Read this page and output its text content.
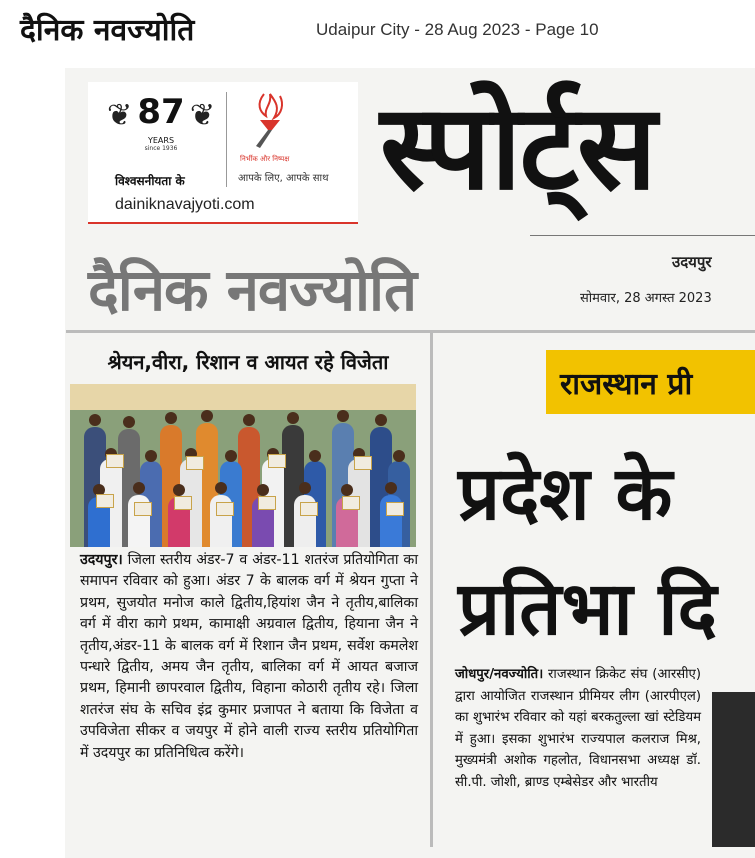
दैनिक नवज्योति	Udaipur City - 28 Aug 2023 - Page 10
❦ ❦
87
YEARS
since 1936
विश्वसनीयता के
निर्भीक और निष्पक्ष
आपके लिए, आपके साथ
dainiknavajyoti.com स्पोर्ट्स
उदयपुर
सोमवार, 28 अगस्त 2023
दैनिक नवज्योति
श्रेयन,वीरा, रिशान व आयत रहे विजेता
उदयपुर। जिला स्तरीय अंडर-7 व अंडर-11 शतरंज प्रतियोगिता का समापन रविवार को हुआ। अंडर 7 के बालक वर्ग में श्रेयन गुप्ता ने प्रथम, सुजयोत मनोज काले द्वितीय,हियांश जैन ने तृतीय,बालिका वर्ग में वीरा कागे प्रथम, कामाक्षी अग्रवाल द्वितीय, हियाना जैन ने तृतीय,अंडर-11 के बालक वर्ग में रिशान जैन प्रथम, सर्वेश कमलेश पन्धारे द्वितीय, अमय जैन तृतीय, बालिका वर्ग में आयत बजाज प्रथम, हिमानी छापरवाल द्वितीय, विहाना कोठारी तृतीय रहे। जिला शतरंज संघ के सचिव इंद्र कुमार प्रजापत ने बताया कि विजेता व उपविजेता सीकर व जयपुर में होने वाली राज्य स्तरीय प्रतियोगिता में उदयपुर का प्रतिनिधित्व करेंगे।
राजस्थान प्री
प्रदेश के
प्रतिभा दि
जोधपुर/नवज्योति। राजस्थान क्रिकेट संघ (आरसीए) द्वारा आयोजित राजस्थान प्रीमियर लीग (आरपीएल) का शुभारंभ रविवार को यहां बरकतुल्ला खां स्टेडियम में हुआ। इसका शुभारंभ राज्यपाल कलराज मिश्र, मुख्यमंत्री अशोक गहलोत, विधानसभा अध्यक्ष डॉ. सी.पी. जोशी, ब्राण्ड एम्बेसेडर और भारतीय
